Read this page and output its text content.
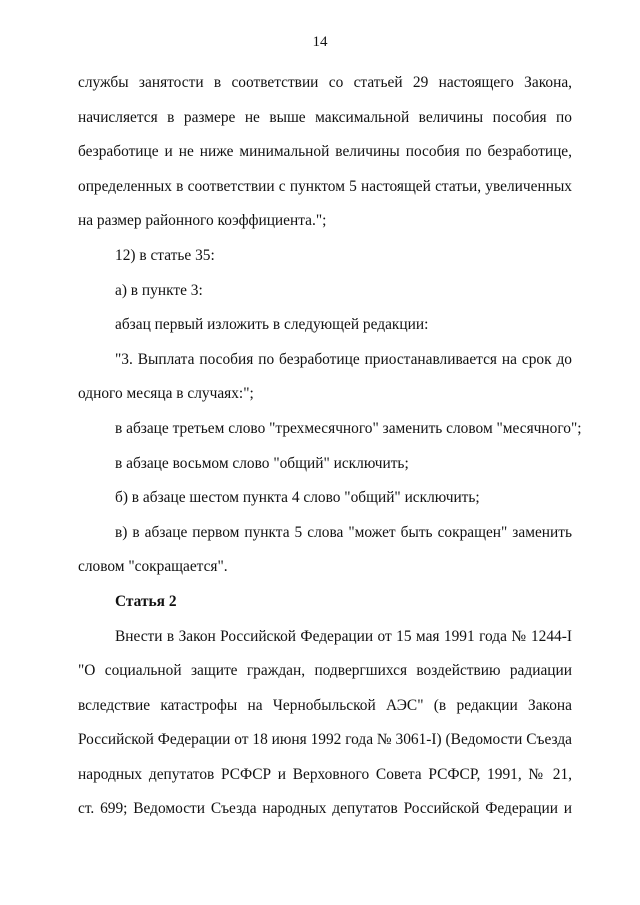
14

службы занятости в соответствии со статьей 29 настоящего Закона,
начисляется в размере не выше максимальной величины пособия по
безработице и не ниже минимальной величины пособия по безработице,
определенных в соответствии с пунктом 5 настоящей статьи, увеличенных
на размер районного коэффициента.";

12) в статье 35:

а) в пункте 3:

абзац первый изложить в следующей редакции:

"3. Выплата пособия по безработице приостанавливается на срок до
одного месяца в случаях:";

в абзаце третьем слово "трехмесячного" заменить словом "месячного";

в абзаце восьмом слово "общий" исключить;

б) в абзаце шестом пункта 4 слово "общий" исключить;

в) в абзаце первом пункта 5 слова "может быть сокращен" заменить
словом "сокращается".

Статья 2

Внести в Закон Российской Федерации от 15 мая 1991 года № 1244-I
"О социальной защите граждан, подвергшихся воздействию радиации
вследствие катастрофы на Чернобыльской АЭС" (в редакции Закона
Российской Федерации от 18 июня 1992 года № 3061-I) (Ведомости Съезда
народных депутатов РСФСР и Верховного Совета РСФСР, 1991, № 21,
ст. 699; Ведомости Съезда народных депутатов Российской Федерации и
